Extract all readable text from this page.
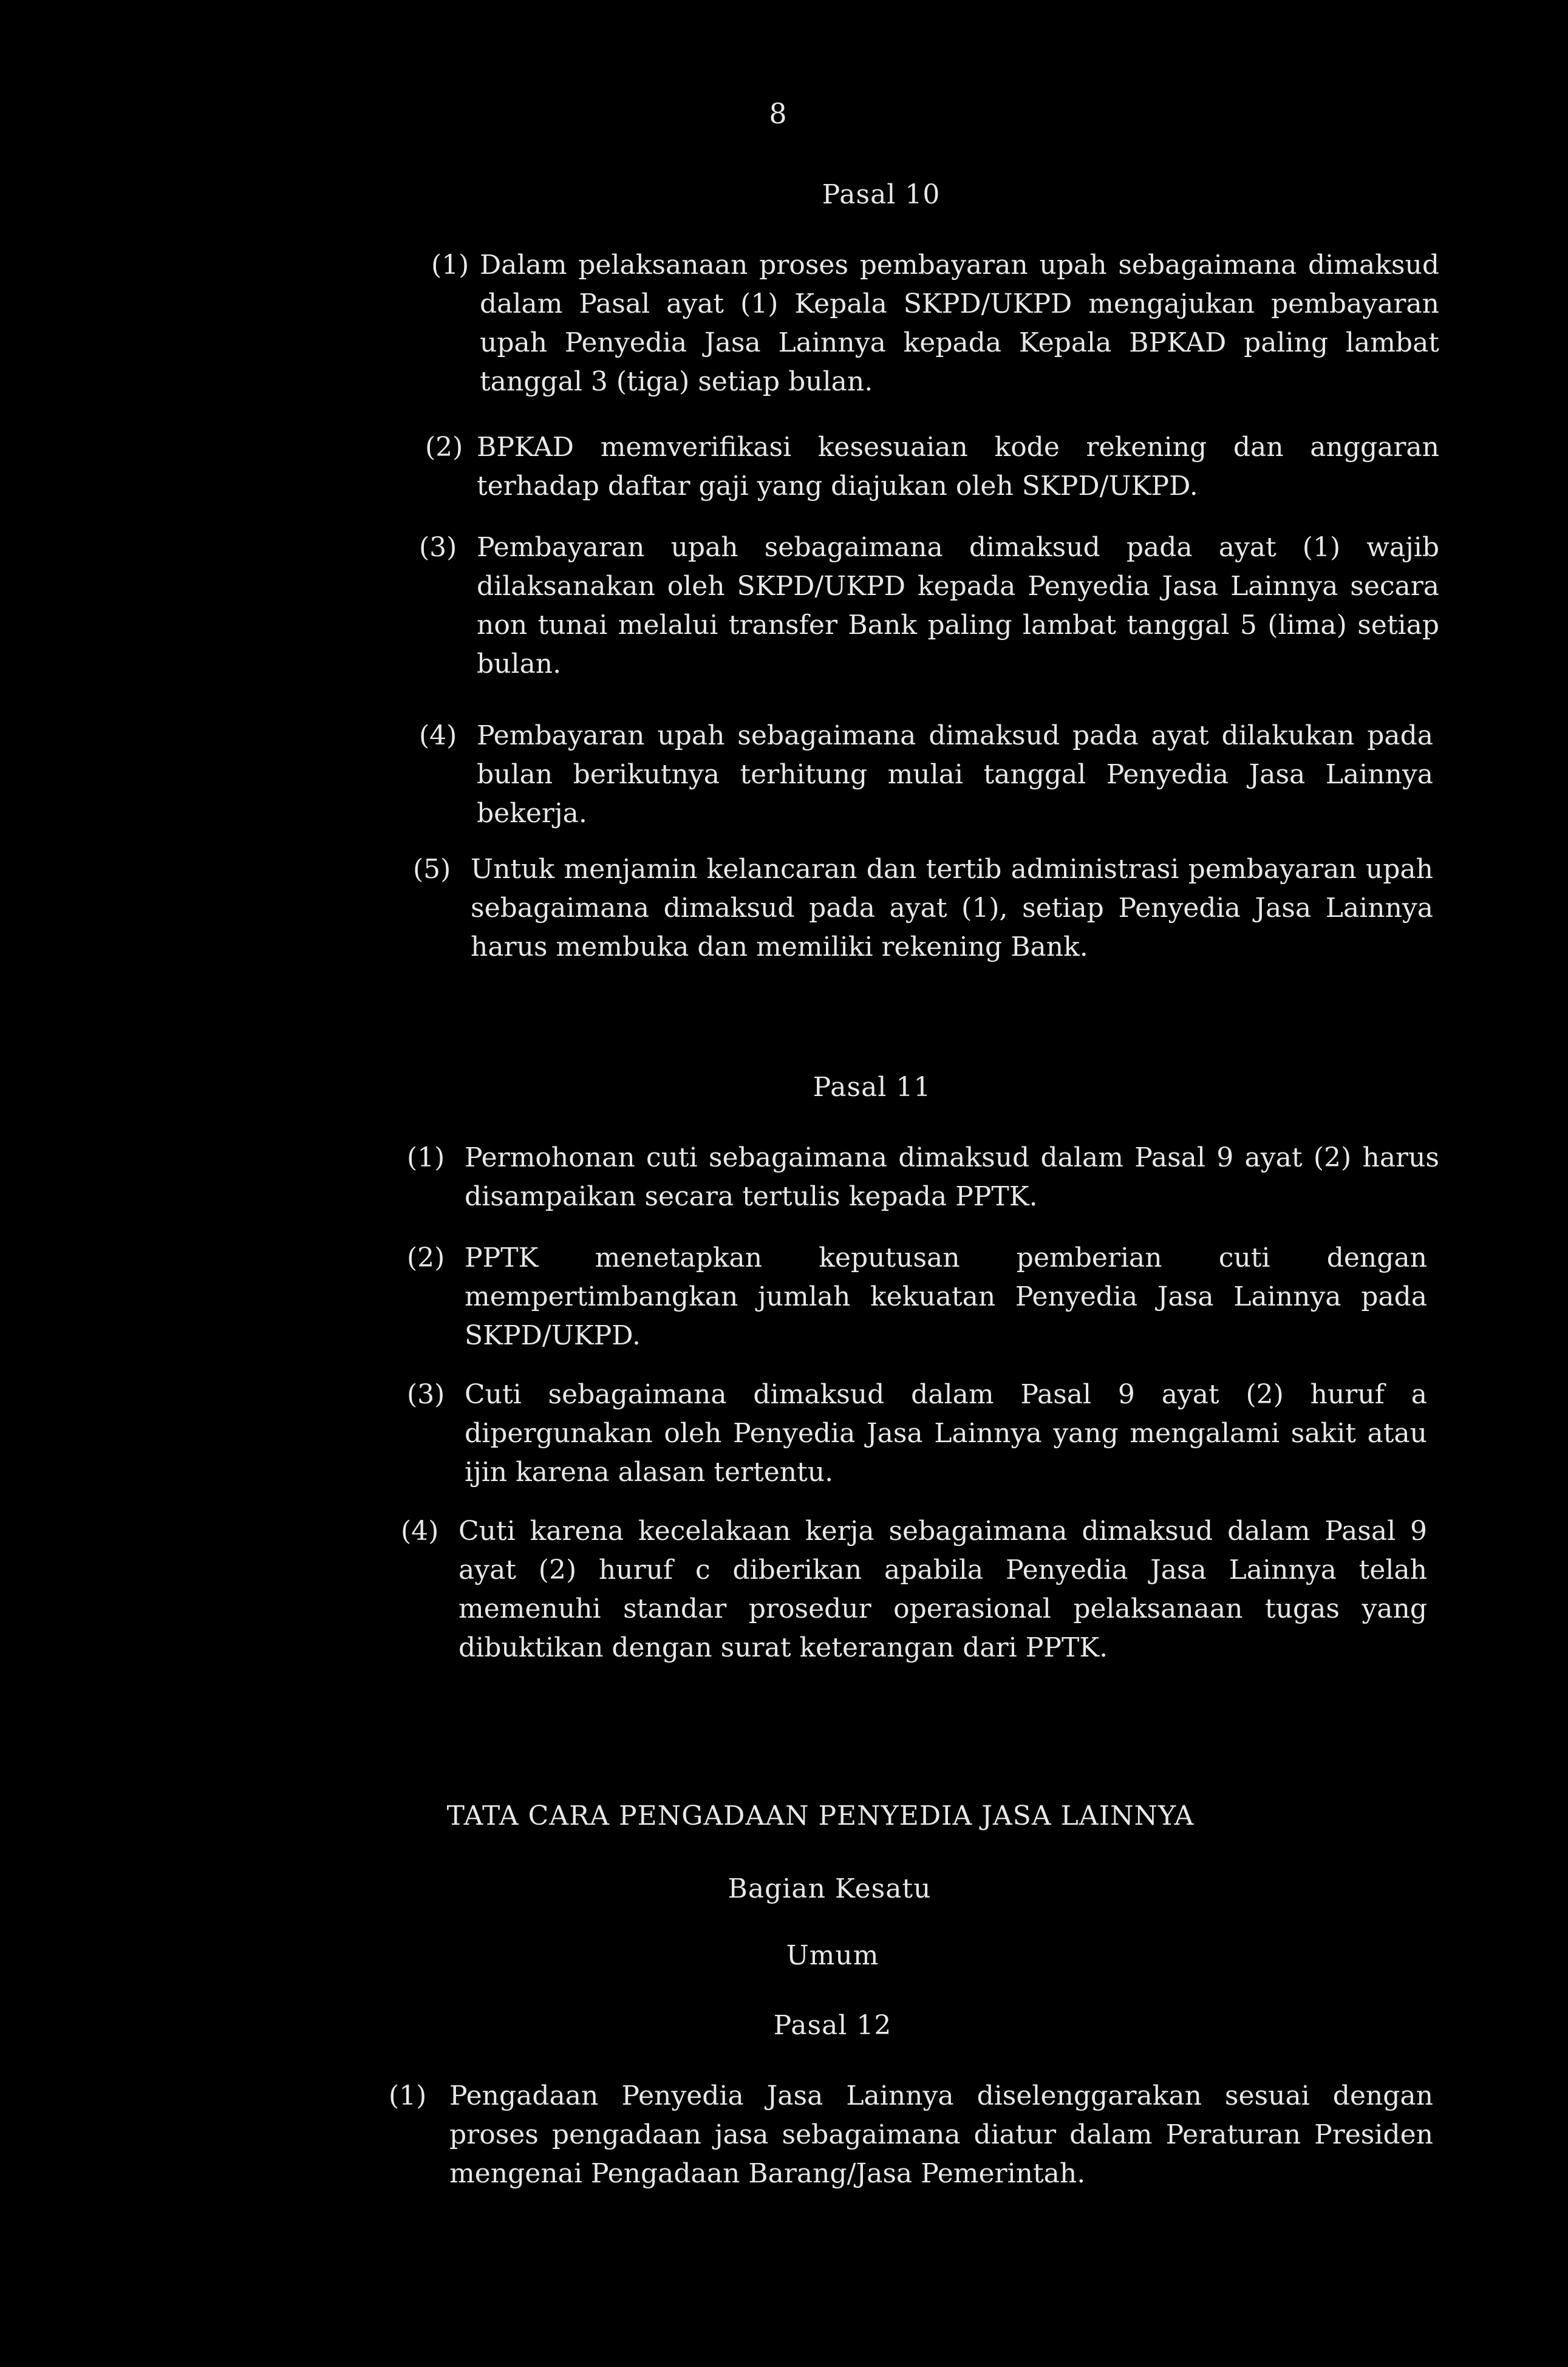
8
Pasal 10
(1) Dalam pelaksanaan proses pembayaran upah sebagaimana dimaksud dalam Pasal ayat (1) Kepala SKPD/UKPD mengajukan pembayaran upah Penyedia Jasa Lainnya kepada Kepala BPKAD paling lambat tanggal 3 (tiga) setiap bulan.
(2) BPKAD memverifikasi kesesuaian kode rekening dan anggaran terhadap daftar gaji yang diajukan oleh SKPD/UKPD.
(3) Pembayaran upah sebagaimana dimaksud pada ayat (1) wajib dilaksanakan oleh SKPD/UKPD kepada Penyedia Jasa Lainnya secara non tunai melalui transfer Bank paling lambat tanggal 5 (lima) setiap bulan.
(4) Pembayaran upah sebagaimana dimaksud pada ayat dilakukan pada bulan berikutnya terhitung mulai tanggal Penyedia Jasa Lainnya bekerja.
(5) Untuk menjamin kelancaran dan tertib administrasi pembayaran upah sebagaimana dimaksud pada ayat (1), setiap Penyedia Jasa Lainnya harus membuka dan memiliki rekening Bank.
Pasal 11
(1) Permohonan cuti sebagaimana dimaksud dalam Pasal 9 ayat (2) harus disampaikan secara tertulis kepada PPTK.
(2) PPTK menetapkan keputusan pemberian cuti dengan mempertimbangkan jumlah kekuatan Penyedia Jasa Lainnya pada SKPD/UKPD.
(3) Cuti sebagaimana dimaksud dalam Pasal 9 ayat (2) huruf a dipergunakan oleh Penyedia Jasa Lainnya yang mengalami sakit atau ijin karena alasan tertentu.
(4) Cuti karena kecelakaan kerja sebagaimana dimaksud dalam Pasal 9 ayat (2) huruf c diberikan apabila Penyedia Jasa Lainnya telah memenuhi standar prosedur operasional pelaksanaan tugas yang dibuktikan dengan surat keterangan dari PPTK.
TATA CARA PENGADAAN PENYEDIA JASA LAINNYA
Bagian Kesatu
Umum
Pasal 12
(1) Pengadaan Penyedia Jasa Lainnya diselenggarakan sesuai dengan proses pengadaan jasa sebagaimana diatur dalam Peraturan Presiden mengenai Pengadaan Barang/Jasa Pemerintah.
